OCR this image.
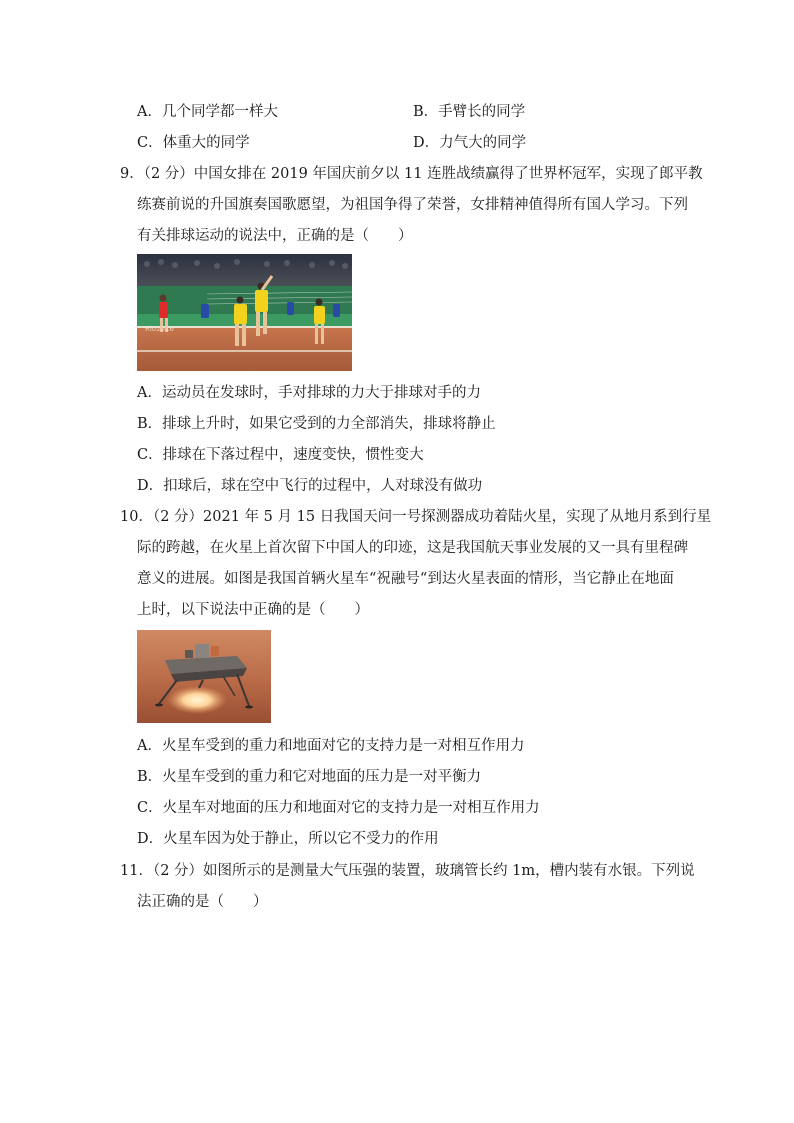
A．几个同学都一样大	B．手臂长的同学
C．体重大的同学	D．力气大的同学
9．（2 分）中国女排在 2019 年国庆前夕以 11 连胜战绩赢得了世界杯冠军，实现了郎平教
练赛前说的升国旗奏国歌愿望，为祖国争得了荣誉，女排精神值得所有国人学习。下列
有关排球运动的说法中，正确的是（　　）
Rio2016
A．运动员在发球时，手对排球的力大于排球对手的力
B．排球上升时，如果它受到的力全部消失，排球将静止
C．排球在下落过程中，速度变快，惯性变大
D．扣球后，球在空中飞行的过程中，人对球没有做功
10．（2 分）2021 年 5 月 15 日我国天问一号探测器成功着陆火星，实现了从地月系到行星
际的跨越，在火星上首次留下中国人的印迹，这是我国航天事业发展的又一具有里程碑
意义的进展。如图是我国首辆火星车“祝融号“到达火星表面的情形，当它静止在地面
上时，以下说法中正确的是（　　）
A．火星车受到的重力和地面对它的支持力是一对相互作用力
B．火星车受到的重力和它对地面的压力是一对平衡力
C．火星车对地面的压力和地面对它的支持力是一对相互作用力
D．火星车因为处于静止，所以它不受力的作用
11．（2 分）如图所示的是测量大气压强的装置，玻璃管长约 1m，槽内装有水银。下列说
法正确的是（　　）
